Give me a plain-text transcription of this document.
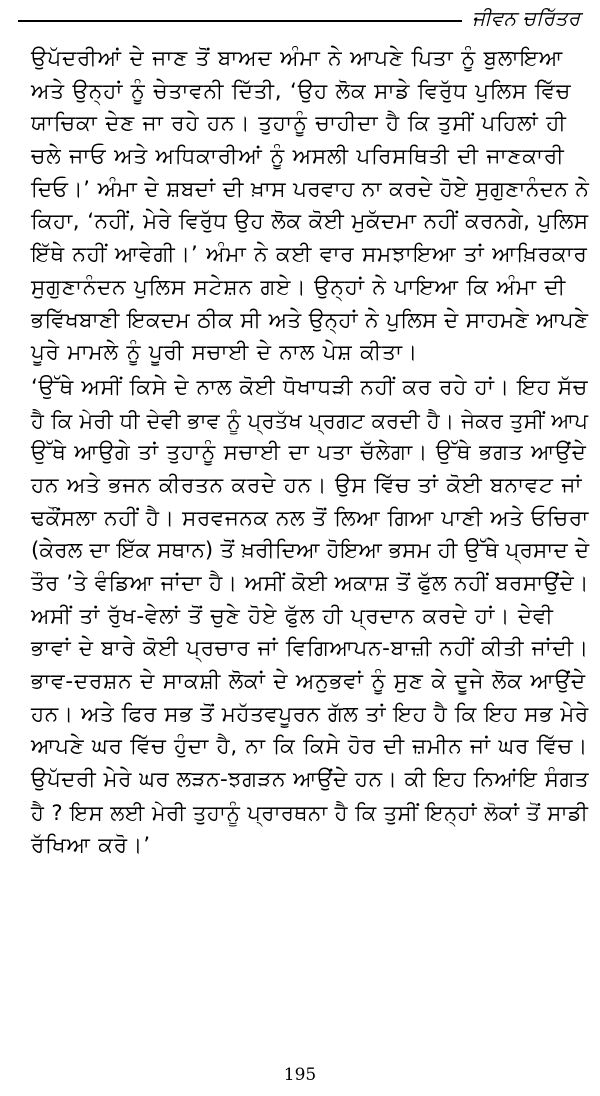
ਜੀਵਨ ਚਰਿੱਤਰ
ਉਪੱਦਰੀਆਂ ਦੇ ਜਾਣ ਤੋਂ ਬਾਅਦ ਅੰਮਾ ਨੇ ਆਪਣੇ ਪਿਤਾ ਨੂੰ ਬੁਲਾਇਆ
ਅਤੇ ਉਨ੍ਹਾਂ ਨੂੰ ਚੇਤਾਵਨੀ ਦਿੱਤੀ, ‘ਉਹ ਲੋਕ ਸਾਡੇ ਵਿਰੁੱਧ ਪੁਲਿਸ ਵਿੱਚ
ਯਾਚਿਕਾ ਦੇਣ ਜਾ ਰਹੇ ਹਨ। ਤੁਹਾਨੂੰ ਚਾਹੀਦਾ ਹੈ ਕਿ ਤੁਸੀਂ ਪਹਿਲਾਂ ਹੀ
ਚਲੇ ਜਾਓ ਅਤੇ ਅਧਿਕਾਰੀਆਂ ਨੂੰ ਅਸਲੀ ਪਰਿਸਥਿਤੀ ਦੀ ਜਾਣਕਾਰੀ
ਦਿਓ।’ ਅੰਮਾ ਦੇ ਸ਼ਬਦਾਂ ਦੀ ਖ਼ਾਸ ਪਰਵਾਹ ਨਾ ਕਰਦੇ ਹੋਏ ਸੁਗੁਣਾਨੰਦਨ ਨੇ
ਕਿਹਾ, ‘ਨਹੀਂ, ਮੇਰੇ ਵਿਰੁੱਧ ਉਹ ਲੋਕ ਕੋਈ ਮੁਕੱਦਮਾ ਨਹੀਂ ਕਰਨਗੇ, ਪੁਲਿਸ
ਇੱਥੇ ਨਹੀਂ ਆਵੇਗੀ।’ ਅੰਮਾ ਨੇ ਕਈ ਵਾਰ ਸਮਝਾਇਆ ਤਾਂ ਆਖ਼ਿਰਕਾਰ
ਸੁਗੁਣਾਨੰਦਨ ਪੁਲਿਸ ਸਟੇਸ਼ਨ ਗਏ। ਉਨ੍ਹਾਂ ਨੇ ਪਾਇਆ ਕਿ ਅੰਮਾ ਦੀ
ਭਵਿੱਖਬਾਣੀ ਇਕਦਮ ਠੀਕ ਸੀ ਅਤੇ ਉਨ੍ਹਾਂ ਨੇ ਪੁਲਿਸ ਦੇ ਸਾਹਮਣੇ ਆਪਣੇ
ਪੂਰੇ ਮਾਮਲੇ ਨੂੰ ਪੂਰੀ ਸਚਾਈ ਦੇ ਨਾਲ ਪੇਸ਼ ਕੀਤਾ।
‘ਉੱਥੇ ਅਸੀਂ ਕਿਸੇ ਦੇ ਨਾਲ ਕੋਈ ਧੋਖਾਧੜੀ ਨਹੀਂ ਕਰ ਰਹੇ ਹਾਂ। ਇਹ ਸੱਚ
ਹੈ ਕਿ ਮੇਰੀ ਧੀ ਦੇਵੀ ਭਾਵ ਨੂੰ ਪ੍ਰਤੱਖ ਪ੍ਰਗਟ ਕਰਦੀ ਹੈ। ਜੇਕਰ ਤੁਸੀਂ ਆਪ
ਉੱਥੇ ਆਉਗੇ ਤਾਂ ਤੁਹਾਨੂੰ ਸਚਾਈ ਦਾ ਪਤਾ ਚੱਲੇਗਾ। ਉੱਥੇ ਭਗਤ ਆਉਂਦੇ
ਹਨ ਅਤੇ ਭਜਨ ਕੀਰਤਨ ਕਰਦੇ ਹਨ। ਉਸ ਵਿੱਚ ਤਾਂ ਕੋਈ ਬਨਾਵਟ ਜਾਂ
ਢਕੌਂਸਲਾ ਨਹੀਂ ਹੈ। ਸਰਵਜਨਕ ਨਲ ਤੋਂ ਲਿਆ ਗਿਆ ਪਾਣੀ ਅਤੇ ਓਚਿਰਾ
(ਕੇਰਲ ਦਾ ਇੱਕ ਸਥਾਨ) ਤੋਂ ਖ਼ਰੀਦਿਆ ਹੋਇਆ ਭਸਮ ਹੀ ਉੱਥੇ ਪ੍ਰਸਾਦ ਦੇ
ਤੌਰ ’ਤੇ ਵੰਡਿਆ ਜਾਂਦਾ ਹੈ। ਅਸੀਂ ਕੋਈ ਅਕਾਸ਼ ਤੋਂ ਫੁੱਲ ਨਹੀਂ ਬਰਸਾਉਂਦੇ।
ਅਸੀਂ ਤਾਂ ਰੁੱਖ-ਵੇਲਾਂ ਤੋਂ ਚੁਣੇ ਹੋਏ ਫੁੱਲ ਹੀ ਪ੍ਰਦਾਨ ਕਰਦੇ ਹਾਂ। ਦੇਵੀ
ਭਾਵਾਂ ਦੇ ਬਾਰੇ ਕੋਈ ਪ੍ਰਚਾਰ ਜਾਂ ਵਿਗਿਆਪਨ-ਬਾਜ਼ੀ ਨਹੀਂ ਕੀਤੀ ਜਾਂਦੀ।
ਭਾਵ-ਦਰਸ਼ਨ ਦੇ ਸਾਕਸ਼ੀ ਲੋਕਾਂ ਦੇ ਅਨੁਭਵਾਂ ਨੂੰ ਸੁਣ ਕੇ ਦੂਜੇ ਲੋਕ ਆਉਂਦੇ
ਹਨ। ਅਤੇ ਫਿਰ ਸਭ ਤੋਂ ਮਹੱਤਵਪੂਰਨ ਗੱਲ ਤਾਂ ਇਹ ਹੈ ਕਿ ਇਹ ਸਭ ਮੇਰੇ
ਆਪਣੇ ਘਰ ਵਿੱਚ ਹੁੰਦਾ ਹੈ, ਨਾ ਕਿ ਕਿਸੇ ਹੋਰ ਦੀ ਜ਼ਮੀਨ ਜਾਂ ਘਰ ਵਿੱਚ।
ਉਪੱਦਰੀ ਮੇਰੇ ਘਰ ਲੜਨ-ਝਗੜਨ ਆਉਂਦੇ ਹਨ। ਕੀ ਇਹ ਨਿਆਂਇ ਸੰਗਤ
ਹੈ ? ਇਸ ਲਈ ਮੇਰੀ ਤੁਹਾਨੂੰ ਪ੍ਰਾਰਥਨਾ ਹੈ ਕਿ ਤੁਸੀਂ ਇਨ੍ਹਾਂ ਲੋਕਾਂ ਤੋਂ ਸਾਡੀ
ਰੱਖਿਆ ਕਰੋ।’
195
